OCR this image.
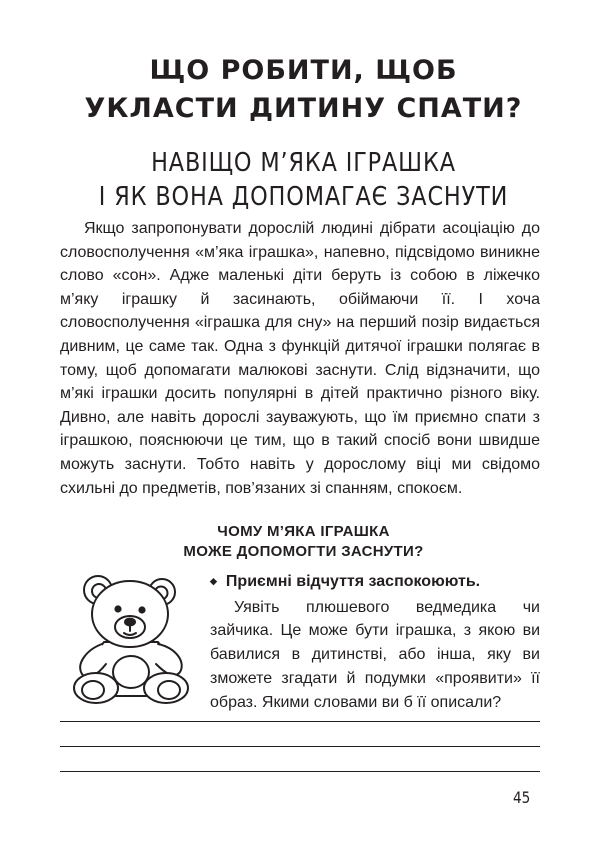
ЩО РОБИТИ, ЩОБ
УКЛАСТИ ДИТИНУ СПАТИ?
НАВІЩО М’ЯКА ІГРАШКА
І ЯК ВОНА ДОПОМАГАЄ ЗАСНУТИ

Якщо запропонувати дорослій людині дібрати асоціацію до словосполучення «м’яка іграшка», напевно, підсвідомо виникне слово «сон». Адже маленькі діти беруть із собою в ліжечко м’яку іграшку й засинають, обіймаючи її. І хоча словосполучення «іграшка для сну» на перший позір видається дивним, це саме так. Одна з функцій дитячої іграшки полягає в тому, щоб допомагати малюкові заснути. Слід відзначити, що м’які іграшки досить популярні в дітей практично різного віку. Дивно, але навіть дорослі зауважують, що їм приємно спати з іграшкою, пояснюючи це тим, що в такий спосіб вони швидше можуть заснути. Тобто навіть у дорослому віці ми свідомо схильні до предметів, пов’язаних зі спанням, спокоєм.

ЧОМУ М’ЯКА ІГРАШКА
МОЖЕ ДОПОМОГТИ ЗАСНУТИ?
◆ Приємні відчуття заспокоюють.

Уявіть плюшевого ведмедика чи зайчика. Це може бути іграшка, з якою ви бавилися в дитинстві, або інша, яку ви зможете згадати й подумки «проявити» її образ. Якими словами ви б її описали?

45
